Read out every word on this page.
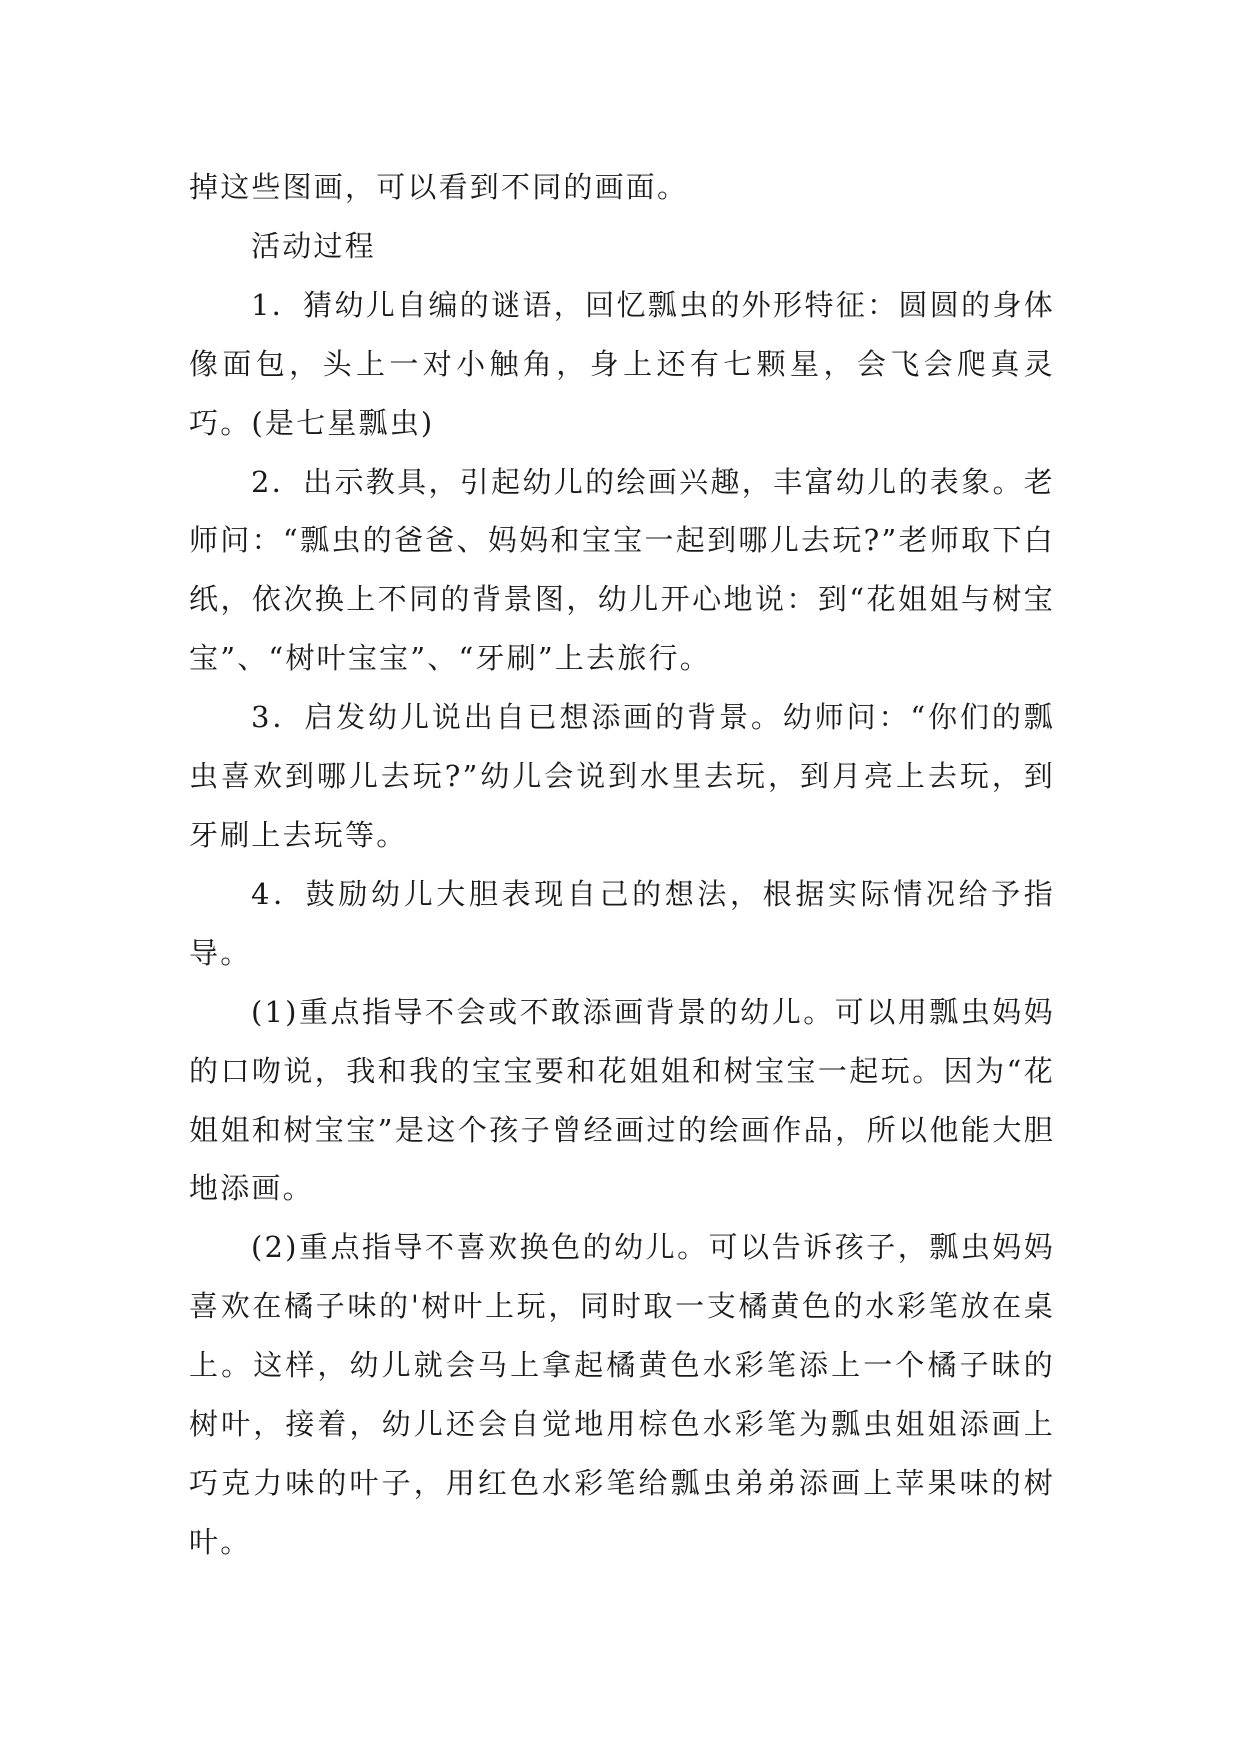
掉这些图画，可以看到不同的画面。

活动过程

1．猜幼儿自编的谜语，回忆瓢虫的外形特征：圆圆的身体像面包，头上一对小触角，身上还有七颗星，会飞会爬真灵巧。(是七星瓢虫)

2．出示教具，引起幼儿的绘画兴趣，丰富幼儿的表象。老师问：“瓢虫的爸爸、妈妈和宝宝一起到哪儿去玩?”老师取下白纸，依次换上不同的背景图，幼儿开心地说：到“花姐姐与树宝宝”、“树叶宝宝”、“牙刷”上去旅行。

3．启发幼儿说出自已想添画的背景。幼师问：“你们的瓢虫喜欢到哪儿去玩?”幼儿会说到水里去玩，到月亮上去玩，到牙刷上去玩等。

4．鼓励幼儿大胆表现自己的想法，根据实际情况给予指导。

(1)重点指导不会或不敢添画背景的幼儿。可以用瓢虫妈妈的口吻说，我和我的宝宝要和花姐姐和树宝宝一起玩。因为“花姐姐和树宝宝”是这个孩子曾经画过的绘画作品，所以他能大胆地添画。

(2)重点指导不喜欢换色的幼儿。可以告诉孩子，瓢虫妈妈喜欢在橘子味的'树叶上玩，同时取一支橘黄色的水彩笔放在桌上。这样，幼儿就会马上拿起橘黄色水彩笔添上一个橘子昧的树叶，接着，幼儿还会自觉地用棕色水彩笔为瓢虫姐姐添画上巧克力味的叶子，用红色水彩笔给瓢虫弟弟添画上苹果味的树叶。
